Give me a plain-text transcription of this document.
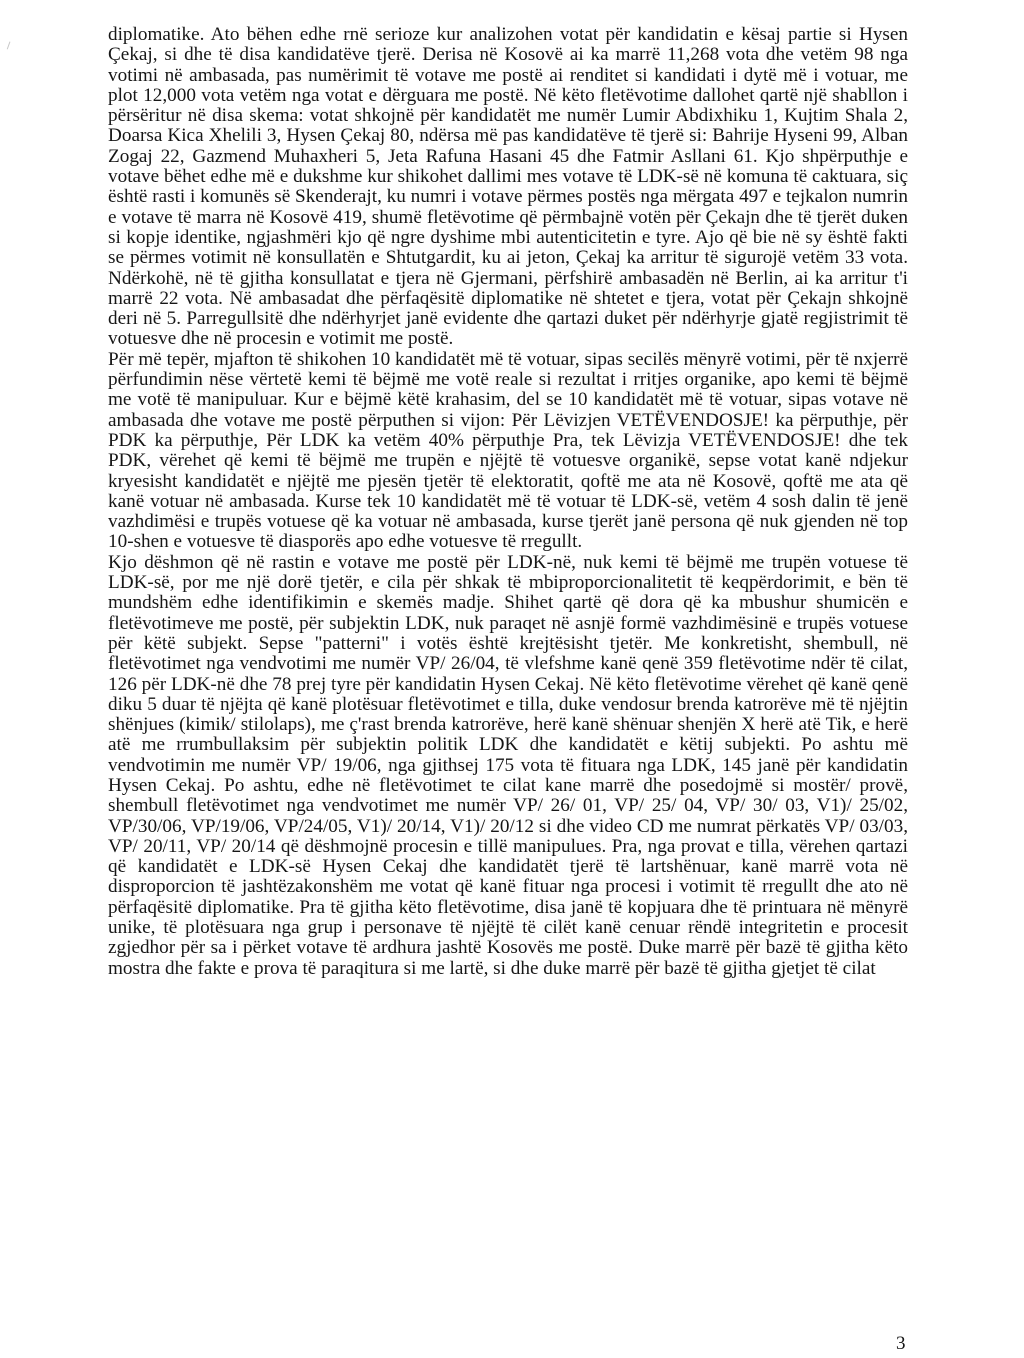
diplomatike. Ato bëhen edhe rnë serioze kur analizohen votat për kandidatin e kësaj partie si Hysen Çekaj, si dhe të disa kandidatëve tjerë. Derisa në Kosovë ai ka marrë 11,268 vota dhe vetëm 98 nga votimi në ambasada, pas numërimit të votave me postë ai renditet si kandidati i dytë më i votuar, me plot 12,000 vota vetëm nga votat e dërguara me postë. Në këto fletëvotime dallohet qartë një shabllon i përsëritur në disa skema: votat shkojnë për kandidatët me numër Lumir Abdixhiku 1, Kujtim Shala 2, Doarsa Kica Xhelili 3, Hysen Çekaj 80, ndërsa më pas kandidatëve të tjerë si: Bahrije Hyseni 99, Alban Zogaj 22, Gazmend Muhaxheri 5, Jeta Rafuna Hasani 45 dhe Fatmir Asllani 61. Kjo shpërputhje e votave bëhet edhe më e dukshme kur shikohet dallimi mes votave të LDK-së në komuna të caktuara, siç është rasti i komunës së Skenderajt, ku numri i votave përmes postës nga mërgata 497 e tejkalon numrin e votave të marra në Kosovë 419, shumë fletëvotime që përmbajnë votën për Çekajn dhe të tjerët duken si kopje identike, ngjashmëri kjo që ngre dyshime mbi autenticitetin e tyre. Ajo që bie në sy është fakti se përmes votimit në konsullatën e Shtutgardit, ku ai jeton, Çekaj ka arritur të sigurojë vetëm 33 vota. Ndërkohë, në të gjitha konsullatat e tjera në Gjermani, përfshirë ambasadën në Berlin, ai ka arritur t'i marrë 22 vota. Në ambasadat dhe përfaqësitë diplomatike në shtetet e tjera, votat për Çekajn shkojnë deri në 5. Parregullsitë dhe ndërhyrjet janë evidente dhe qartazi duket për ndërhyrje gjatë regjistrimit të votuesve dhe në procesin e votimit me postë.

Për më tepër, mjafton të shikohen 10 kandidatët më të votuar, sipas secilës mënyrë votimi, për të nxjerrë përfundimin nëse vërtetë kemi të bëjmë me votë reale si rezultat i rritjes organike, apo kemi të bëjmë me votë të manipuluar. Kur e bëjmë këtë krahasim, del se 10 kandidatët më të votuar, sipas votave në ambasada dhe votave me postë përputhen si vijon: Për Lëvizjen VETËVENDOSJE! ka përputhje, për PDK ka përputhje, Për LDK ka vetëm 40% përputhje Pra, tek Lëvizja VETËVENDOSJE! dhe tek PDK, vërehet që kemi të bëjmë me trupën e njëjtë të votuesve organikë, sepse votat kanë ndjekur kryesisht kandidatët e njëjtë me pjesën tjetër të elektoratit, qoftë me ata në Kosovë, qoftë me ata që kanë votuar në ambasada. Kurse tek 10 kandidatët më të votuar të LDK-së, vetëm 4 sosh dalin të jenë vazhdimësi e trupës votuese që ka votuar në ambasada, kurse tjerët janë persona që nuk gjenden në top 10-shen e votuesve të diasporës apo edhe votuesve të rregullt.

Kjo dëshmon që në rastin e votave me postë për LDK-në, nuk kemi të bëjmë me trupën votuese të LDK-së, por me një dorë tjetër, e cila për shkak të mbiproporcionalitetit të keqpërdorimit, e bën të mundshëm edhe identifikimin e skemës madje. Shihet qartë që dora që ka mbushur shumicën e fletëvotimeve me postë, për subjektin LDK, nuk paraqet në asnjë formë vazhdimësinë e trupës votuese për këtë subjekt. Sepse "patterni" i votës është krejtësisht tjetër. Me konkretisht, shembull, në fletëvotimet nga vendvotimi me numër VP/ 26/04, të vlefshme kanë qenë 359 fletëvotime ndër të cilat, 126 për LDK-në dhe 78 prej tyre për kandidatin Hysen Cekaj. Në këto fletëvotime vërehet që kanë qenë diku 5 duar të njëjta që kanë plotësuar fletëvotimet e tilla, duke vendosur brenda katrorëve më të njëjtin shënjues (kimik/ stilolaps), me ç'rast brenda katrorëve, herë kanë shënuar shenjën X herë atë Tik, e herë atë me rrumbullaksim për subjektin politik LDK dhe kandidatët e këtij subjekti. Po ashtu më vendvotimin me numër VP/ 19/06, nga gjithsej 175 vota të fituara nga LDK, 145 janë për kandidatin Hysen Cekaj. Po ashtu, edhe në fletëvotimet te cilat kane marrë dhe posedojmë si mostër/ provë, shembull fletëvotimet nga vendvotimet me numër VP/ 26/ 01, VP/ 25/ 04, VP/ 30/ 03, V1)/ 25/02, VP/30/06, VP/19/06, VP/24/05, V1)/ 20/14, V1)/ 20/12 si dhe video CD me numrat përkatës VP/ 03/03, VP/ 20/11, VP/ 20/14 që dëshmojnë procesin e tillë manipulues. Pra, nga provat e tilla, vërehen qartazi që kandidatët e LDK-së Hysen Cekaj dhe kandidatët tjerë të lartshënuar, kanë marrë vota në disproporcion të jashtëzakonshëm me votat që kanë fituar nga procesi i votimit të rregullt dhe ato në përfaqësitë diplomatike. Pra të gjitha këto fletëvotime, disa janë të kopjuara dhe të printuara në mënyrë unike, të plotësuara nga grup i personave të njëjtë të cilët kanë cenuar rëndë integritetin e procesit zgjedhor për sa i përket votave të ardhura jashtë Kosovës me postë. Duke marrë për bazë të gjitha këto mostra dhe fakte e prova të paraqitura si me lartë, si dhe duke marrë për bazë të gjitha gjetjet të cilat

3
